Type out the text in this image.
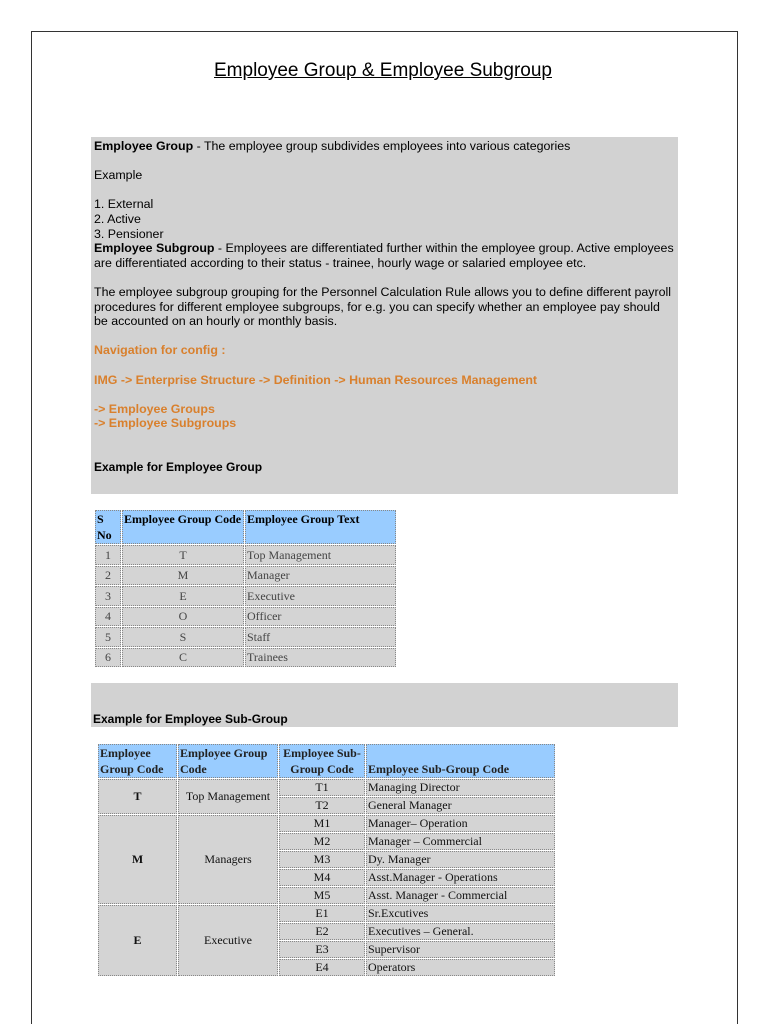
Employee Group & Employee Subgroup

Employee Group - The employee group subdivides employees into various categories

Example

1. External

2. Active

3. Pensioner

Employee Subgroup - Employees are differentiated further within the employee group. Active employees are differentiated according to their status - trainee, hourly wage or salaried employee etc.

The employee subgroup grouping for the Personnel Calculation Rule allows you to define different payroll procedures for different employee subgroups, for e.g. you can specify whether an employee pay should be accounted on an hourly or monthly basis.

Navigation for config :

IMG -> Enterprise Structure -> Definition -> Human Resources Management

-> Employee Groups

-> Employee Subgroups

Example for Employee Group

S No	Employee Group Code	Employee Group Text
1	T	Top Management
2	M	Manager
3	E	Executive
4	O	Officer
5	S	Staff
6	C	Trainees
Example for Employee Sub-Group
Employee Group Code	Employee Group Code	Employee Sub-Group Code	Employee Sub-Group Code
T	Top Management	T1	Managing Director
		T2	General Manager
M	Managers	M1	Manager– Operation
		M2	Manager – Commercial
		M3	Dy. Manager
		M4	Asst.Manager - Operations
		M5	Asst. Manager - Commercial
E	Executive	E1	Sr.Excutives
		E2	Executives – General.
		E3	Supervisor
		E4	Operators
